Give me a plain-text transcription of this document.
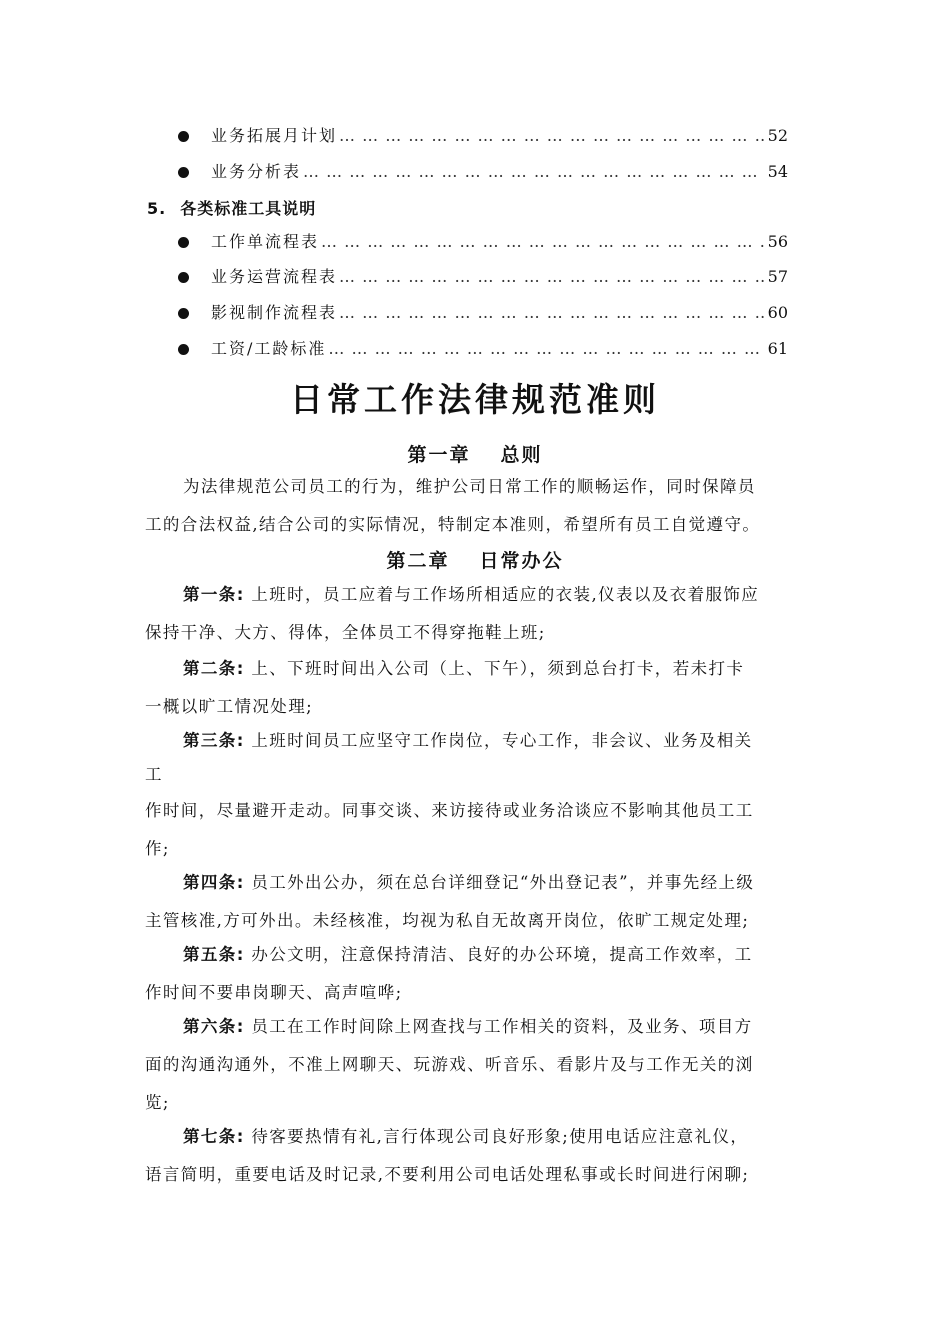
业务拓展月计划 … … … … … … … … … … … … … … … … … … … … … … … … … … … … … … … … … … … … … … … … … …	52
业务分析表 … … … … … … … … … … … … … … … … … … … … … … … … … … … … … … … … … … … … … … … … … …	54
5. 各类标准工具说明
工作单流程表 … … … … … … … … … … … … … … … … … … … … … … … … … … … … … … … … … … … … … … … … … …	56
业务运营流程表 … … … … … … … … … … … … … … … … … … … … … … … … … … … … … … … … … … … … … … … … … …	57
影视制作流程表 … … … … … … … … … … … … … … … … … … … … … … … … … … … … … … … … … … … … … … … … … …	60
工资/工龄标准 … … … … … … … … … … … … … … … … … … … … … … … … … … … … … … … … … … … … … … … … … …	61
日常工作法律规范准则
第一章 总则
为法律规范公司员工的行为，维护公司日常工作的顺畅运作，同时保障员
工的合法权益,结合公司的实际情况，特制定本准则，希望所有员工自觉遵守。
第二章 日常办公
第一条: 上班时，员工应着与工作场所相适应的衣装,仪表以及衣着服饰应
保持干净、大方、得体，全体员工不得穿拖鞋上班;
第二条: 上、下班时间出入公司（上、下午），须到总台打卡，若未打卡
一概以旷工情况处理;
第三条: 上班时间员工应坚守工作岗位，专心工作，非会议、业务及相关
工
作时间，尽量避开走动。同事交谈、来访接待或业务洽谈应不影响其他员工工
作;
第四条: 员工外出公办，须在总台详细登记“外出登记表”，并事先经上级
主管核准,方可外出。未经核准，均视为私自无故离开岗位，依旷工规定处理;
第五条: 办公文明，注意保持清洁、良好的办公环境，提高工作效率，工
作时间不要串岗聊天、高声喧哗;
第六条: 员工在工作时间除上网查找与工作相关的资料，及业务、项目方
面的沟通沟通外，不准上网聊天、玩游戏、听音乐、看影片及与工作无关的浏
览;
第七条: 待客要热情有礼,言行体现公司良好形象;使用电话应注意礼仪，
语言简明，重要电话及时记录,不要利用公司电话处理私事或长时间进行闲聊;
